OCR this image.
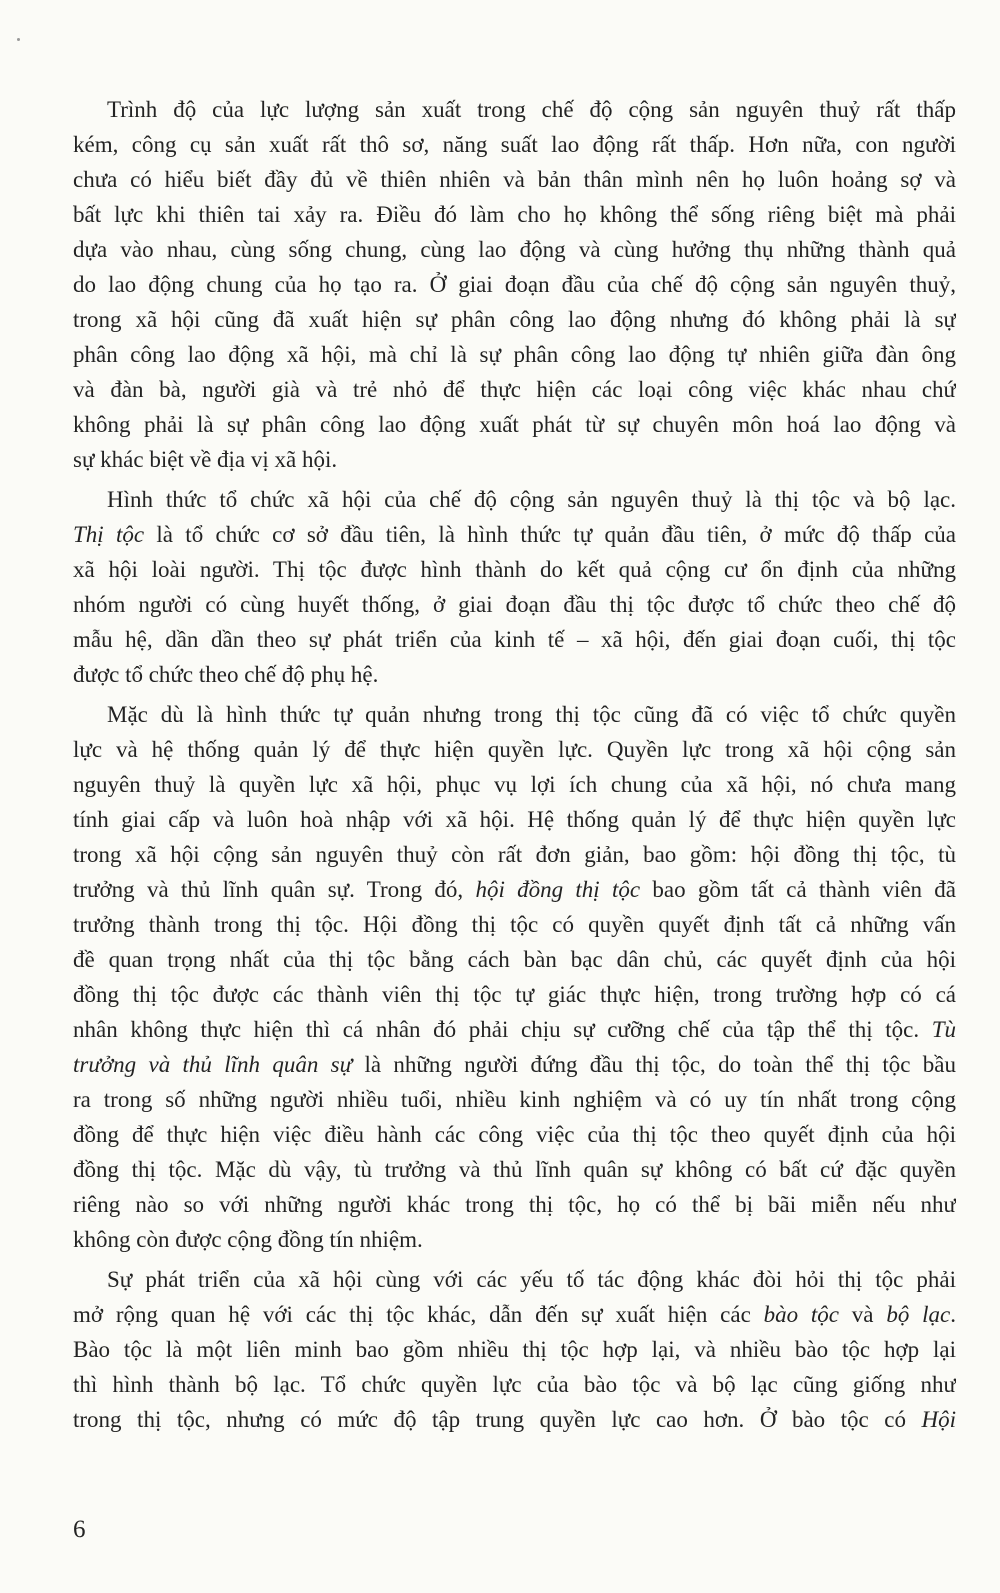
Trình độ của lực lượng sản xuất trong chế độ cộng sản nguyên thuỷ rất thấp
kém, công cụ sản xuất rất thô sơ, năng suất lao động rất thấp. Hơn nữa, con người
chưa có hiểu biết đầy đủ về thiên nhiên và bản thân mình nên họ luôn hoảng sợ và
bất lực khi thiên tai xảy ra. Điều đó làm cho họ không thể sống riêng biệt mà phải
dựa vào nhau, cùng sống chung, cùng lao động và cùng hưởng thụ những thành quả
do lao động chung của họ tạo ra. Ở giai đoạn đầu của chế độ cộng sản nguyên thuỷ,
trong xã hội cũng đã xuất hiện sự phân công lao động nhưng đó không phải là sự
phân công lao động xã hội, mà chỉ là sự phân công lao động tự nhiên giữa đàn ông
và đàn bà, người già và trẻ nhỏ để thực hiện các loại công việc khác nhau chứ
không phải là sự phân công lao động xuất phát từ sự chuyên môn hoá lao động và
sự khác biệt về địa vị xã hội.
Hình thức tổ chức xã hội của chế độ cộng sản nguyên thuỷ là thị tộc và bộ lạc.
Thị tộc là tổ chức cơ sở đầu tiên, là hình thức tự quản đầu tiên, ở mức độ thấp của
xã hội loài người. Thị tộc được hình thành do kết quả cộng cư ổn định của những
nhóm người có cùng huyết thống, ở giai đoạn đầu thị tộc được tổ chức theo chế độ
mẫu hệ, dần dần theo sự phát triển của kinh tế – xã hội, đến giai đoạn cuối, thị tộc
được tổ chức theo chế độ phụ hệ.
Mặc dù là hình thức tự quản nhưng trong thị tộc cũng đã có việc tổ chức quyền
lực và hệ thống quản lý để thực hiện quyền lực. Quyền lực trong xã hội cộng sản
nguyên thuỷ là quyền lực xã hội, phục vụ lợi ích chung của xã hội, nó chưa mang
tính giai cấp và luôn hoà nhập với xã hội. Hệ thống quản lý để thực hiện quyền lực
trong xã hội cộng sản nguyên thuỷ còn rất đơn giản, bao gồm: hội đồng thị tộc, tù
trưởng và thủ lĩnh quân sự. Trong đó, hội đồng thị tộc bao gồm tất cả thành viên đã
trưởng thành trong thị tộc. Hội đồng thị tộc có quyền quyết định tất cả những vấn
đề quan trọng nhất của thị tộc bằng cách bàn bạc dân chủ, các quyết định của hội
đồng thị tộc được các thành viên thị tộc tự giác thực hiện, trong trường hợp có cá
nhân không thực hiện thì cá nhân đó phải chịu sự cưỡng chế của tập thể thị tộc. Tù
trưởng và thủ lĩnh quân sự là những người đứng đầu thị tộc, do toàn thể thị tộc bầu
ra trong số những người nhiều tuổi, nhiều kinh nghiệm và có uy tín nhất trong cộng
đồng để thực hiện việc điều hành các công việc của thị tộc theo quyết định của hội
đồng thị tộc. Mặc dù vậy, tù trưởng và thủ lĩnh quân sự không có bất cứ đặc quyền
riêng nào so với những người khác trong thị tộc, họ có thể bị bãi miễn nếu như
không còn được cộng đồng tín nhiệm.
Sự phát triển của xã hội cùng với các yếu tố tác động khác đòi hỏi thị tộc phải
mở rộng quan hệ với các thị tộc khác, dẫn đến sự xuất hiện các bào tộc và bộ lạc.
Bào tộc là một liên minh bao gồm nhiều thị tộc hợp lại, và nhiều bào tộc hợp lại
thì hình thành bộ lạc. Tổ chức quyền lực của bào tộc và bộ lạc cũng giống như
trong thị tộc, nhưng có mức độ tập trung quyền lực cao hơn. Ở bào tộc có Hội
6
